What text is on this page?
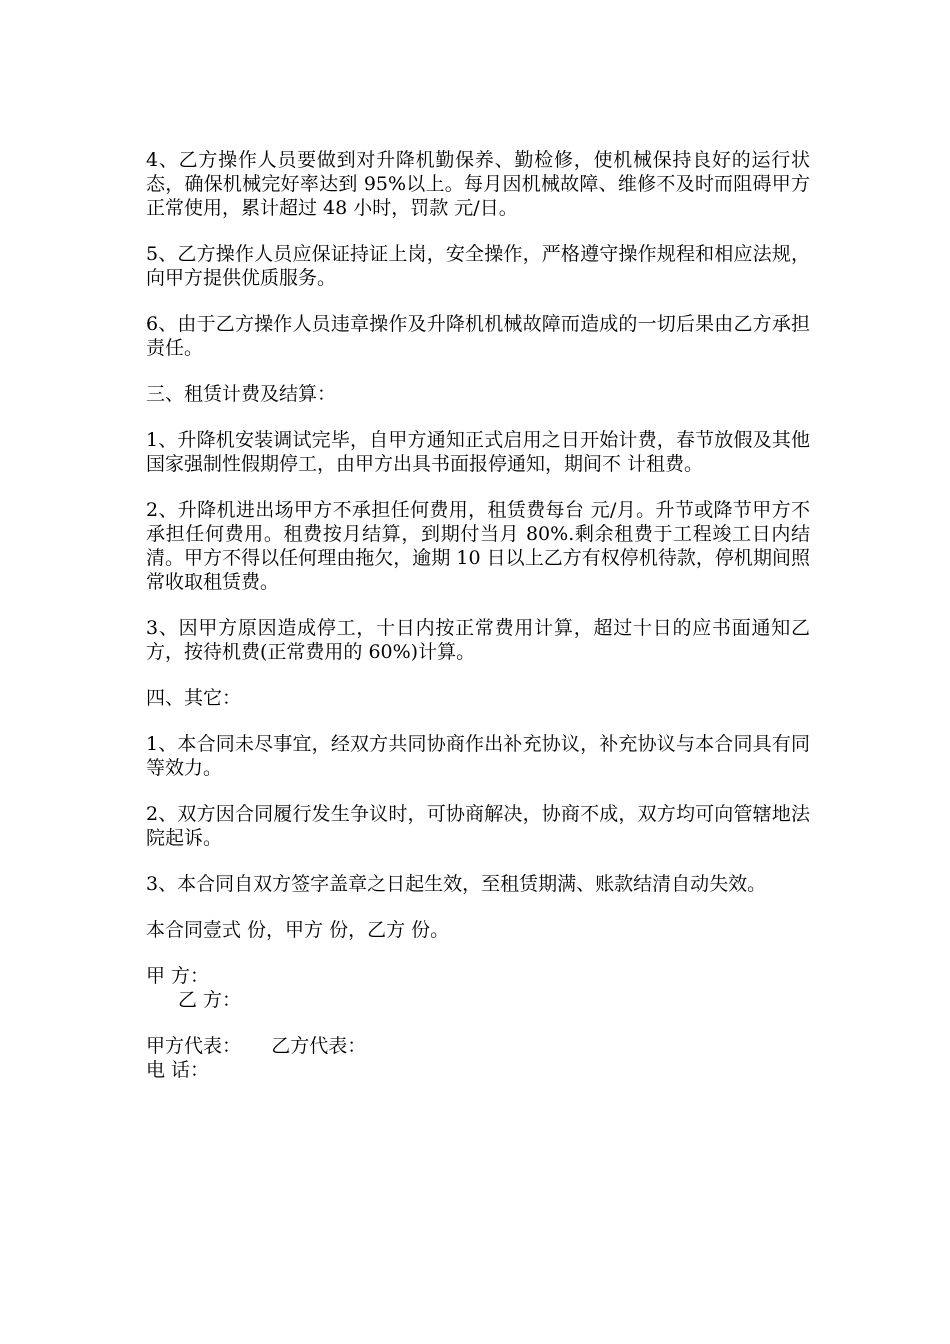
4、乙方操作人员要做到对升降机勤保养、勤检修，使机械保持良好的运行状态，确保机械完好率达到 95%以上。每月因机械故障、维修不及时而阻碍甲方正常使用，累计超过 48 小时，罚款 元/日。

5、乙方操作人员应保证持证上岗，安全操作，严格遵守操作规程和相应法规，向甲方提供优质服务。

6、由于乙方操作人员违章操作及升降机机械故障而造成的一切后果由乙方承担责任。

三、租赁计费及结算：

1、升降机安装调试完毕，自甲方通知正式启用之日开始计费，春节放假及其他国家强制性假期停工，由甲方出具书面报停通知，期间不 计租费。

2、升降机进出场甲方不承担任何费用，租赁费每台 元/月。升节或降节甲方不承担任何费用。租费按月结算，到期付当月 80%.剩余租费于工程竣工日内结清。甲方不得以任何理由拖欠，逾期 10 日以上乙方有权停机待款，停机期间照常收取租赁费。

3、因甲方原因造成停工，十日内按正常费用计算，超过十日的应书面通知乙方，按待机费(正常费用的 60%)计算。

四、其它：

1、本合同未尽事宜，经双方共同协商作出补充协议，补充协议与本合同具有同等效力。

2、双方因合同履行发生争议时，可协商解决，协商不成，双方均可向管辖地法院起诉。

3、本合同自双方签字盖章之日起生效，至租赁期满、账款结清自动失效。

本合同壹式 份，甲方 份，乙方 份。

甲 方：

乙 方：

甲方代表：     乙方代表：

电 话：
